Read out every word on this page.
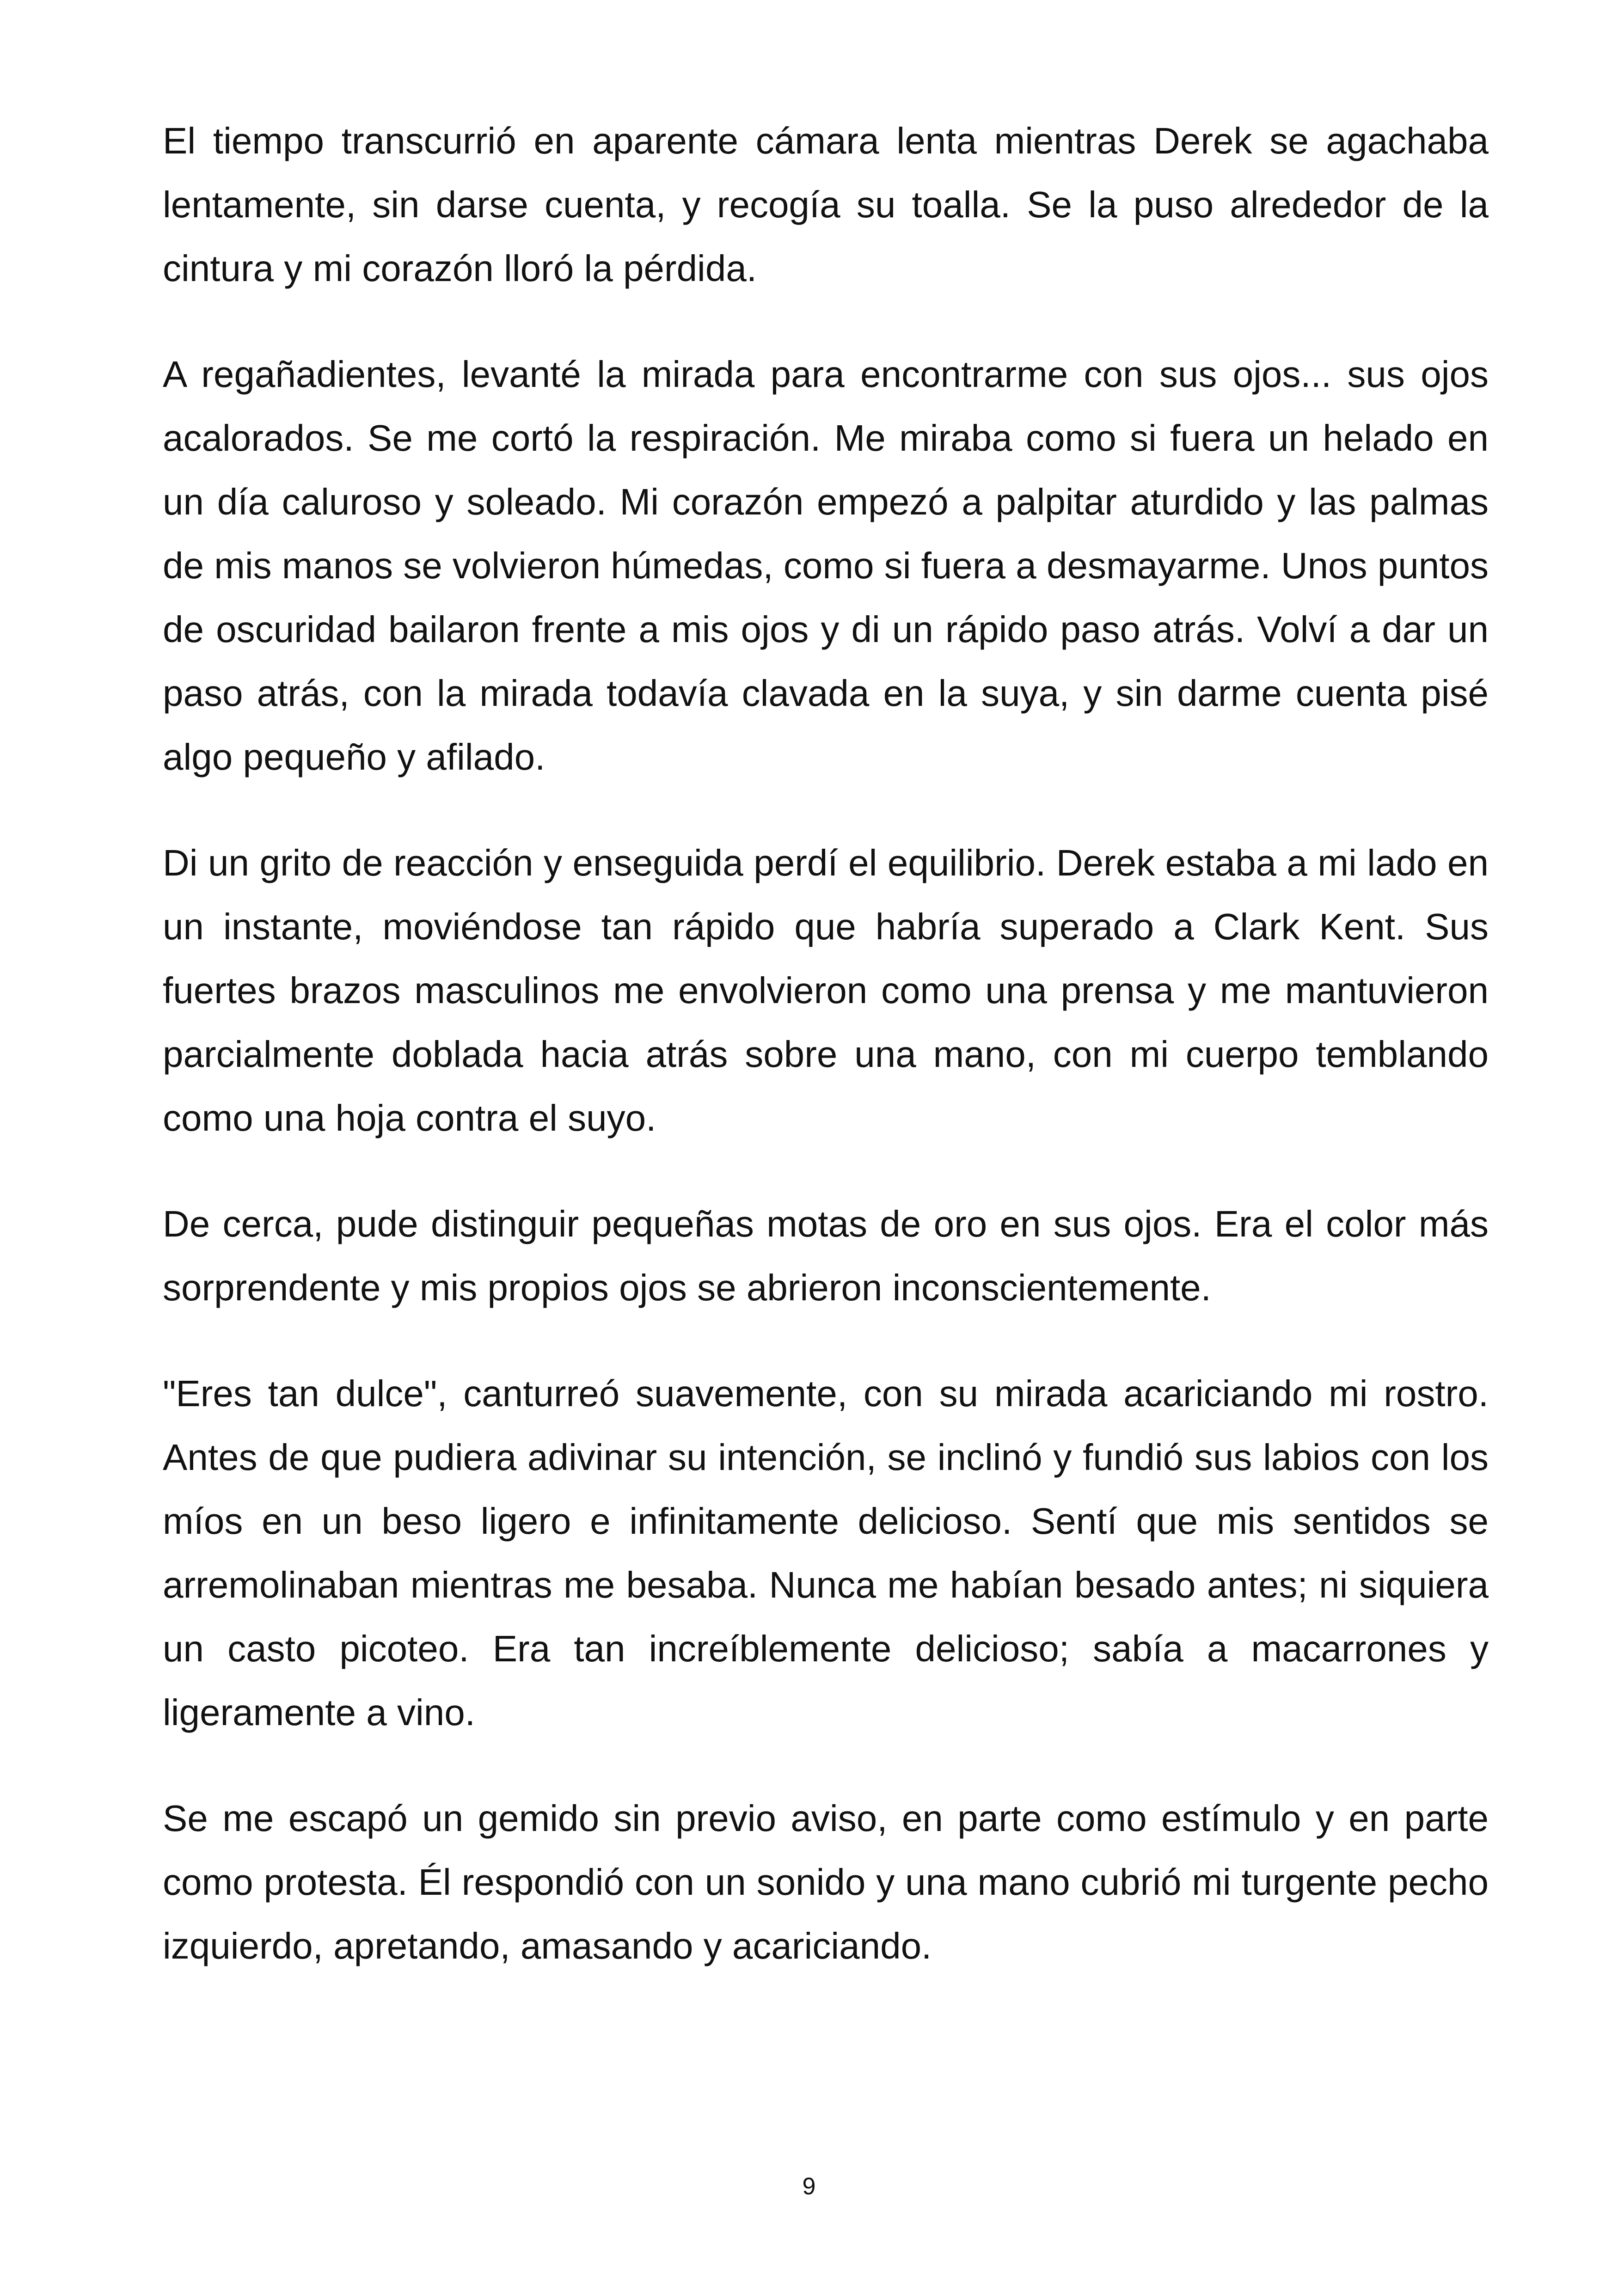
El tiempo transcurrió en aparente cámara lenta mientras Derek se agachaba lentamente, sin darse cuenta, y recogía su toalla. Se la puso alrededor de la cintura y mi corazón lloró la pérdida.

A regañadientes, levanté la mirada para encontrarme con sus ojos... sus ojos acalorados. Se me cortó la respiración. Me miraba como si fuera un helado en un día caluroso y soleado. Mi corazón empezó a palpitar aturdido y las palmas de mis manos se volvieron húmedas, como si fuera a desmayarme. Unos puntos de oscuridad bailaron frente a mis ojos y di un rápido paso atrás. Volví a dar un paso atrás, con la mirada todavía clavada en la suya, y sin darme cuenta pisé algo pequeño y afilado.

Di un grito de reacción y enseguida perdí el equilibrio. Derek estaba a mi lado en un instante, moviéndose tan rápido que habría superado a Clark Kent. Sus fuertes brazos masculinos me envolvieron como una prensa y me mantuvieron parcialmente doblada hacia atrás sobre una mano, con mi cuerpo temblando como una hoja contra el suyo.

De cerca, pude distinguir pequeñas motas de oro en sus ojos. Era el color más sorprendente y mis propios ojos se abrieron inconscientemente.

"Eres tan dulce", canturreó suavemente, con su mirada acariciando mi rostro. Antes de que pudiera adivinar su intención, se inclinó y fundió sus labios con los míos en un beso ligero e infinitamente delicioso. Sentí que mis sentidos se arremolinaban mientras me besaba. Nunca me habían besado antes; ni siquiera un casto picoteo. Era tan increíblemente delicioso; sabía a macarrones y ligeramente a vino.

Se me escapó un gemido sin previo aviso, en parte como estímulo y en parte como protesta. Él respondió con un sonido y una mano cubrió mi turgente pecho izquierdo, apretando, amasando y acariciando.

9
